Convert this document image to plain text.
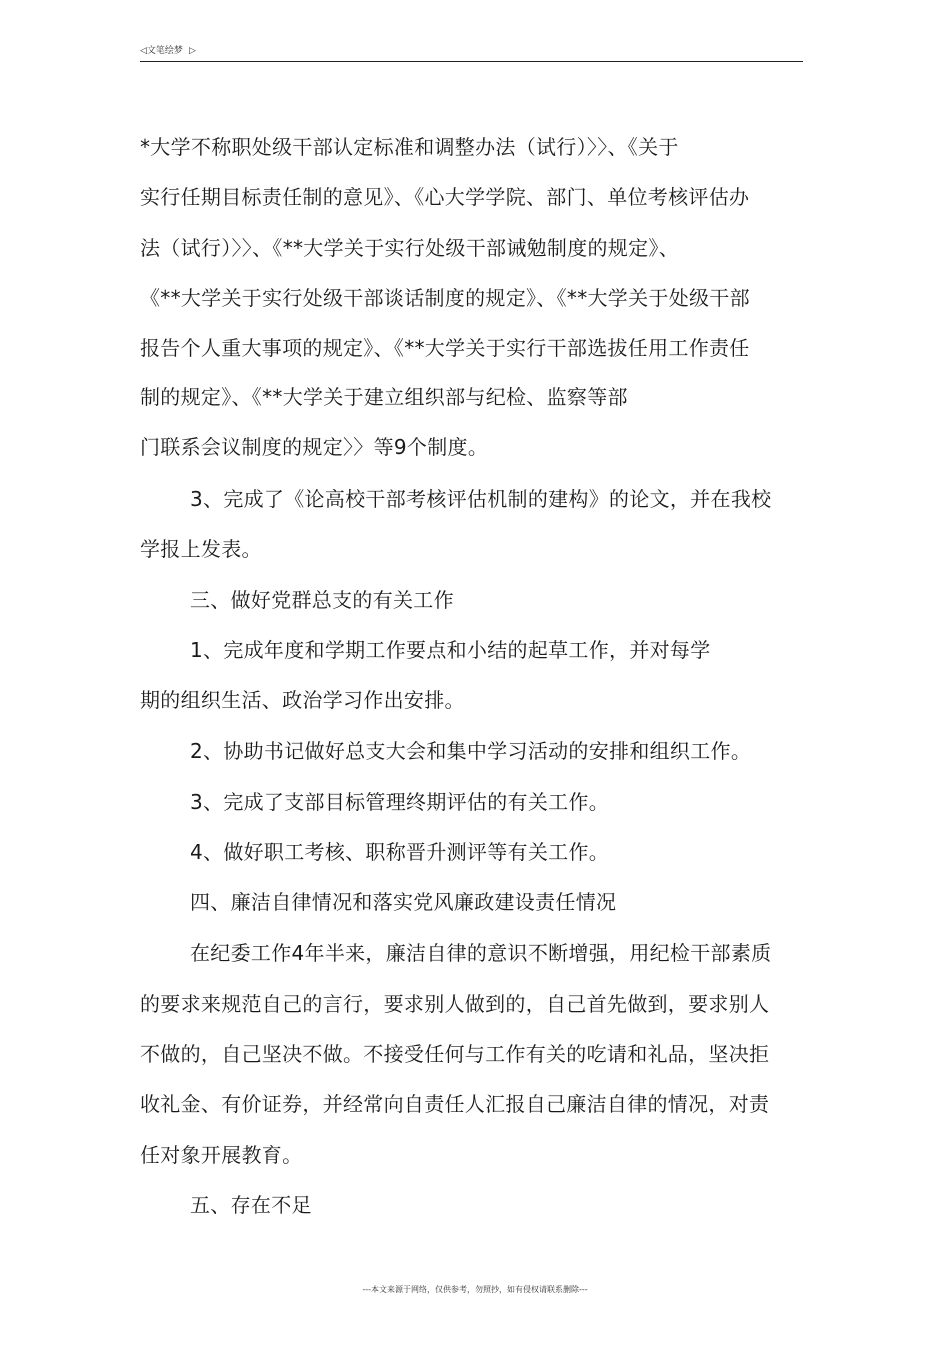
◁文笔绘梦 ▷
*大学不称职处级干部认定标准和调整办法（试行）〉〉、《关于
实行任期目标责任制的意见》、《心大学学院、部门、单位考核评估办
法（试行）〉〉、《**大学关于实行处级干部诫勉制度的规定》、
《**大学关于实行处级干部谈话制度的规定》、《**大学关于处级干部
报告个人重大事项的规定》、《**大学关于实行干部选拔任用工作责任
制的规定》、《**大学关于建立组织部与纪检、监察等部
门联系会议制度的规定〉〉等9个制度。
3、完成了《论高校干部考核评估机制的建构》的论文，并在我校
学报上发表。
三、做好党群总支的有关工作
1、完成年度和学期工作要点和小结的起草工作，并对每学
期的组织生活、政治学习作出安排。
2、协助书记做好总支大会和集中学习活动的安排和组织工作。
3、完成了支部目标管理终期评估的有关工作。
4、做好职工考核、职称晋升测评等有关工作。
四、廉洁自律情况和落实党风廉政建设责任情况
在纪委工作4年半来，廉洁自律的意识不断增强，用纪检干部素质
的要求来规范自己的言行，要求别人做到的，自己首先做到，要求别人
不做的，自己坚决不做。不接受任何与工作有关的吃请和礼品，坚决拒
收礼金、有价证券，并经常向自责任人汇报自己廉洁自律的情况，对责
任对象开展教育。
五、存在不足
---本文来源于网络，仅供参考，勿照抄，如有侵权请联系删除---
